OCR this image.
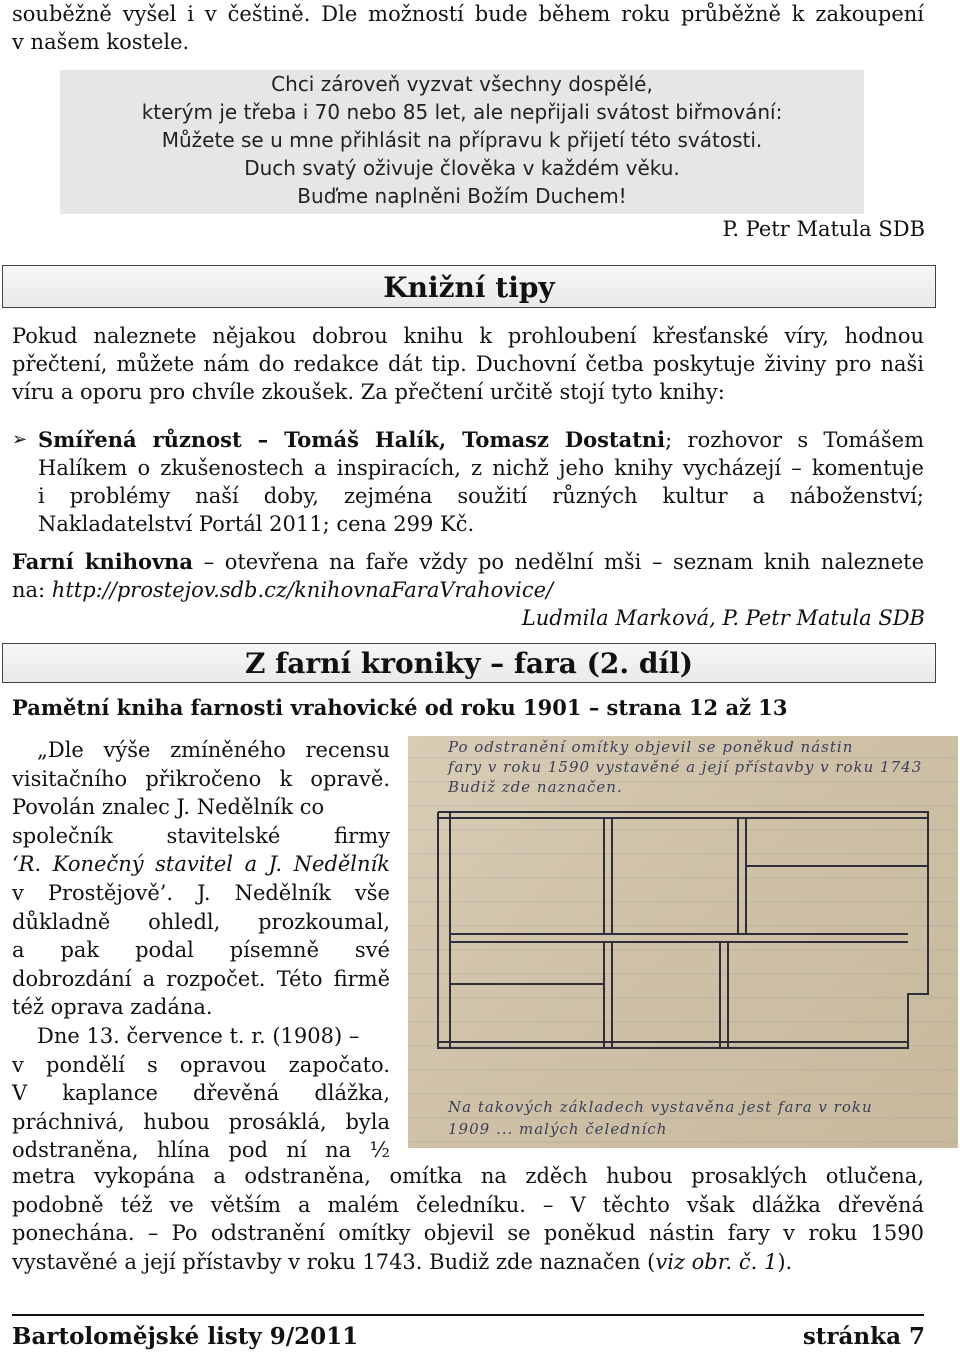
souběžně vyšel i v češtině. Dle možností bude během roku průběžně k zakoupení
v našem kostele.
Chci zároveň vyzvat všechny dospělé,
kterým je třeba i 70 nebo 85 let, ale nepřijali svátost biřmování:
Můžete se u mne přihlásit na přípravu k přijetí této svátosti.
Duch svatý oživuje člověka v každém věku.
Buďme naplněni Božím Duchem!
P. Petr Matula SDB
Knižní tipy
Pokud naleznete nějakou dobrou knihu k prohloubení křesťanské víry, hodnou
přečtení, můžete nám do redakce dát tip. Duchovní četba poskytuje živiny pro naši
víru a oporu pro chvíle zkoušek. Za přečtení určitě stojí tyto knihy:
➢ Smířená různost – Tomáš Halík, Tomasz Dostatni; rozhovor s Tomášem
Halíkem o zkušenostech a inspiracích, z nichž jeho knihy vycházejí – komentuje
i problémy naší doby, zejména soužití různých kultur a náboženství;
Nakladatelství Portál 2011; cena 299 Kč.
Farní knihovna – otevřena na faře vždy po nedělní mši – seznam knih naleznete
na: http://prostejov.sdb.cz/knihovnaFaraVrahovice/
Ludmila Marková, P. Petr Matula SDB
Z farní kroniky – fara (2. díl)
Pamětní kniha farnosti vrahovické od roku 1901 – strana 12 až 13
„Dle výše zmíněného recensu
visitačního přikročeno k opravě.
Povolán znalec J. Nedělník co
společník stavitelské firmy
‘R. Konečný stavitel a J. Nedělník
v Prostějově’. J. Nedělník vše
důkladně ohledl, prozkoumal,
a pak podal písemně své
dobrozdání a rozpočet. Této firmě
též oprava zadána.
Dne 13. července t. r. (1908) –
v pondělí s opravou započato.
V kaplance dřevěná dlážka,
práchnivá, hubou prosáklá, byla
odstraněna, hlína pod ní na ½
Po odstranění omítky objevil se poněkud nástin
fary v roku 1590 vystavěné a její přístavby v roku 1743
Budiž zde naznačen.
Na takových základech vystavěna jest fara v roku
1909 ... malých čeledních
metra vykopána a odstraněna, omítka na zděch hubou prosaklých otlučena,
podobně též ve větším a malém čeledníku. – V těchto však dlážka dřevěná
ponechána. – Po odstranění omítky objevil se poněkud nástin fary v roku 1590
vystavěné a její přístavby v roku 1743. Budiž zde naznačen (viz obr. č. 1).
Bartolomějské listy 9/2011	stránka 7
